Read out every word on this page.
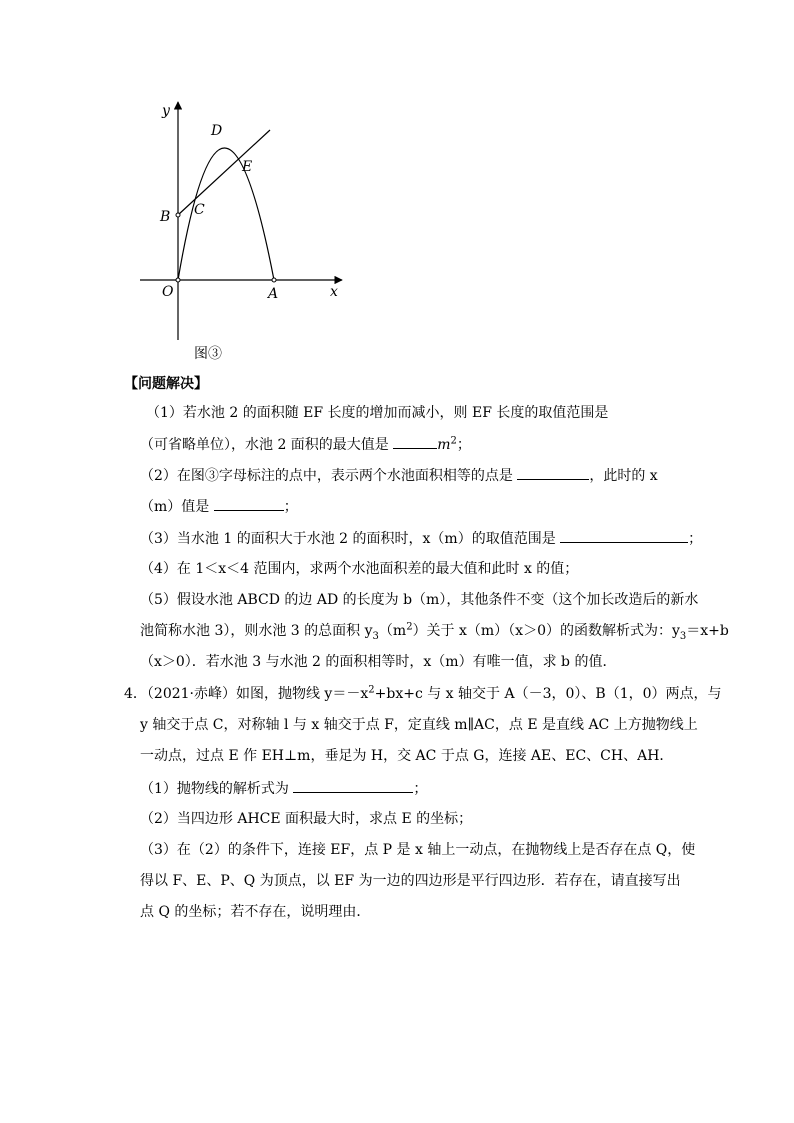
y
x
O	A
B C
D
E
图③
【问题解决】
（1）若水池 2 的面积随 EF 长度的增加而减小，则 EF 长度的取值范围是
（可省略单位），水池 2 面积的最大值是	$m^2$；
（2）在图③字母标注的点中，表示两个水池面积相等的点是	，此时的 x
（m）值是	；
（3）当水池 1 的面积大于水池 2 的面积时，x（m）的取值范围是	；
（4）在 1＜x＜4 范围内，求两个水池面积差的最大值和此时 x 的值；
（5）假设水池 ABCD 的边 AD 的长度为 b（m），其他条件不变（这个加长改造后的新水
池简称水池 3），则水池 3 的总面积 $y_3(m^2)$关于 x（m）（x＞0）的函数解析式为：$y_3=x+b$
（x＞0）．若水池 3 与水池 2 的面积相等时，x（m）有唯一值，求 b 的值．
4．（2021·赤峰）如图，抛物线 $y=-x^2+bx+c$ 与 x 轴交于 A（－3，0）、B（1，0）两点，与
y 轴交于点 C，对称轴 l 与 x 轴交于点 F，定直线 m∥AC，点 E 是直线 AC 上方抛物线上
一动点，过点 E 作 EH⊥m，垂足为 H，交 AC 于点 G，连接 AE、EC、CH、AH．
（1）抛物线的解析式为	；
（2）当四边形 AHCE 面积最大时，求点 E 的坐标；
（3）在（2）的条件下，连接 EF，点 P 是 x 轴上一动点，在抛物线上是否存在点 Q，使
得以 F、E、P、Q 为顶点，以 EF 为一边的四边形是平行四边形．若存在，请直接写出
点 Q 的坐标；若不存在，说明理由．
